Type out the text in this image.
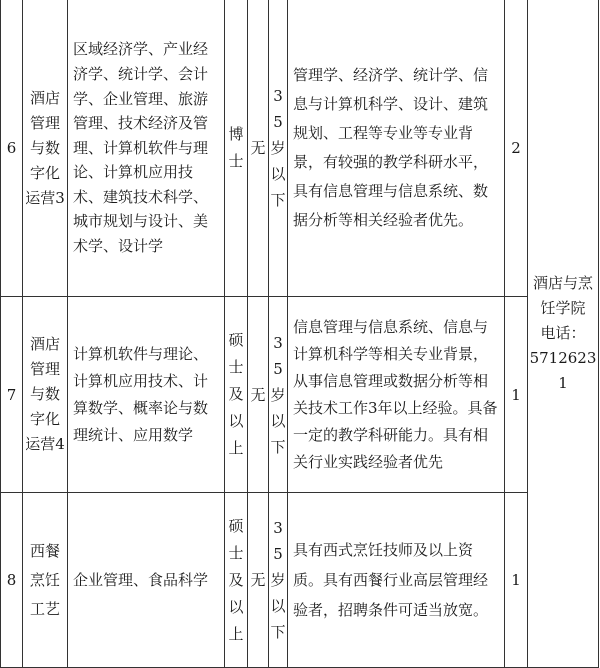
6	酒店
管理
与数
字化
运营3	区域经济学、产业经济学、统计学、会计学、企业管理、旅游管理、技术经济及管理、计算机软件与理论、计算机应用技术、建筑技术科学、城市规划与设计、美术学、设计学	博
士	无	35
岁
以
下	管理学、经济学、统计学、信息与计算机科学、设计、建筑规划、工程等专业等专业背景，有较强的教学科研水平，具有信息管理与信息系统、数据分析等相关经验者优先。	2	酒店与烹
饪学院
电话：
57126231
7	酒店
管理
与数
字化
运营4	计算机软件与理论、计算机应用技术、计算数学、概率论与数理统计、应用数学	硕
士
及
以
上	无	35
岁
以
下	信息管理与信息系统、信息与计算机科学等相关专业背景，从事信息管理或数据分析等相关技术工作3年以上经验。具备一定的教学科研能力。具有相关行业实践经验者优先	1	
8	西餐
烹饪
工艺	企业管理、食品科学	硕
士
及
以
上	无	35
岁
以
下	具有西式烹饪技师及以上资质。具有西餐行业高层管理经验者，招聘条件可适当放宽。	1	
